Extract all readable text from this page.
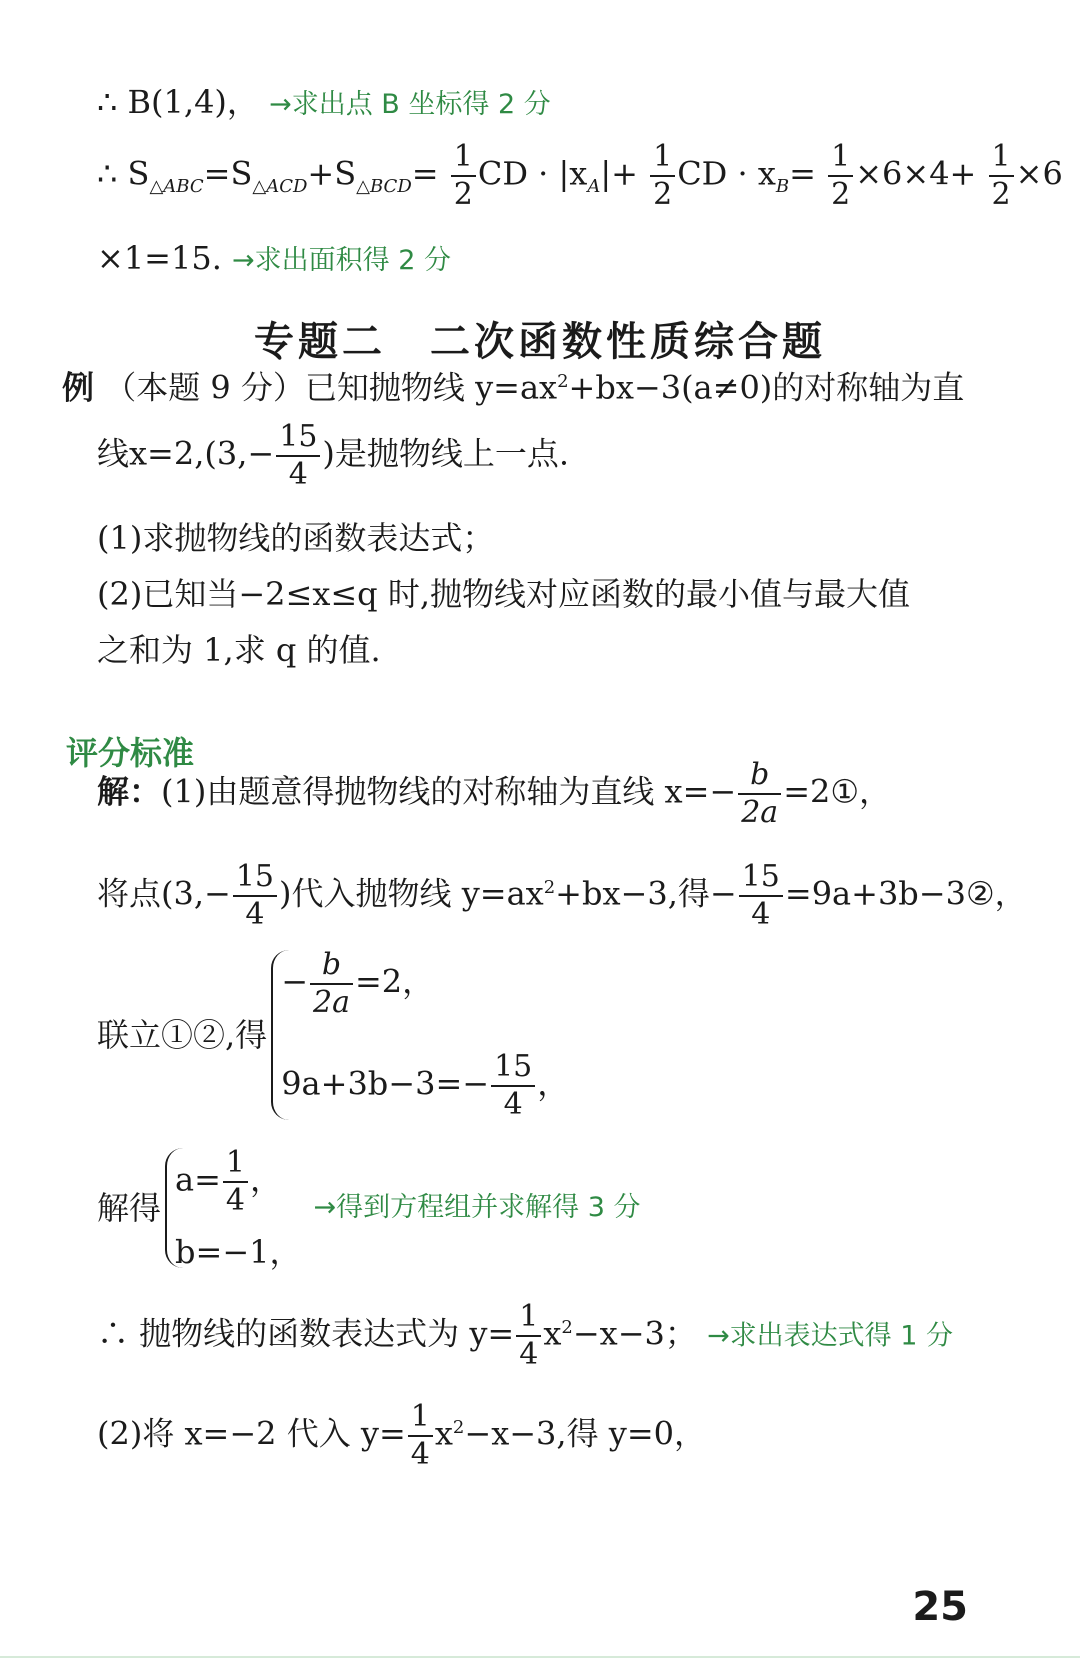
∴ B(1,4)， →求出点 B 坐标得 2 分
∴ $S_{\triangle ABC}=S_{\triangle ACD}+S_{\triangle BCD}= \frac{1}{2}$ CD · $|x_A|+ \frac{1}{2}$ CD · $x_B= \frac{1}{2} \times 6\times 4+ \frac{1}{2} \times 6$
×1=15. →求出面积得 2 分
专题二　二次函数性质综合题
例 （本题 9 分）已知抛物线 $y=ax^2+bx-3(a\ne 0)$的对称轴为直
线$x=2,(3,- \frac{15}{4}$ )是抛物线上一点.
(1)求抛物线的函数表达式；
(2)已知当−2≤x≤q 时,抛物线对应函数的最小值与最大值
之和为 1,求 q 的值.
评分标准
解：(1)由题意得抛物线的对称轴为直线 $x=- \frac{b}{2a}$ =2①，
将点($3,- \frac{15}{4}$ )代入抛物线 $y=ax^2+bx-3$,得− $\frac{15}{4}$ =9a+3b−3②，
联立①②,得
− $\frac{b}{2a} =2$，
$9a+3b-3=- \frac{15}{4}$ ，
解得
$a= \frac{1}{4}$ ，
b=−1，
→得到方程组并求解得 3 分
∴ 抛物线的函数表达式为 $y= \frac{1}{4} x^2-x-3$； →求出表达式得 1 分
(2)将 x=−2 代入 $y= \frac{1}{4} x^2-x-3$,得 y=0，
25
